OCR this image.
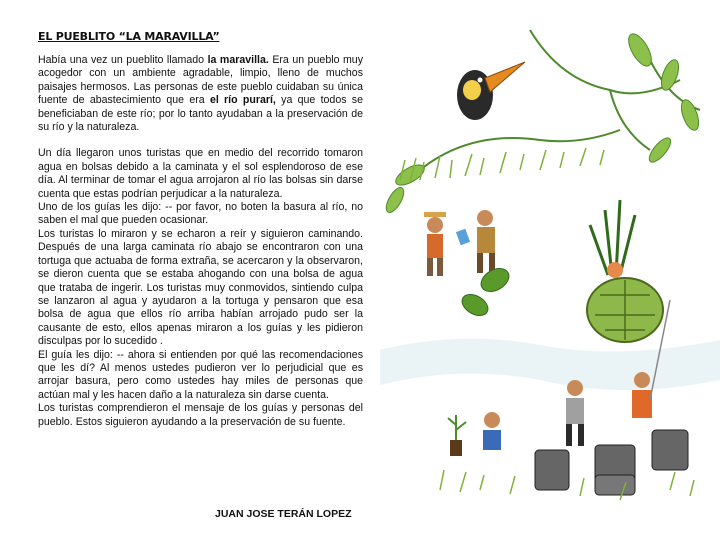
EL PUEBLITO “LA MARAVILLA”

Había una vez un pueblito llamado la maravilla. Era un pueblo muy acogedor con un ambiente agradable, limpio, lleno de muchos paisajes hermosos. Las personas de este pueblo cuidaban su única fuente de abastecimiento que era el río purarí, ya que todos se beneficiaban de este río; por lo tanto ayudaban a la preservación de su río y la naturaleza.

Un día llegaron unos turistas que en medio del recorrido tomaron agua en bolsas debido a la caminata y el sol esplendoroso de ese día. Al terminar de tomar el agua arrojaron al río las bolsas sin darse cuenta que estas podrían perjudicar a la naturaleza.

Uno de los guías les dijo: -- por favor, no boten la basura al río, no saben el mal que pueden ocasionar.

Los turistas lo miraron y se echaron a reír y siguieron caminando. Después de una larga caminata río abajo se encontraron con una tortuga que actuaba de forma extraña, se acercaron y la observaron, se dieron cuenta que se estaba ahogando con una bolsa de agua que trataba de ingerir. Los turistas muy conmovidos, sintiendo culpa se lanzaron al agua y ayudaron a la tortuga y pensaron que esa bolsa de agua que ellos río arriba habían arrojado pudo ser la causante de esto, ellos apenas miraron a los guías y les pidieron disculpas por lo sucedido .

El guía les dijo: -- ahora si entienden por qué las recomendaciones que les dí? Al menos ustedes pudieron ver lo perjudicial que es arrojar basura, pero como ustedes hay miles de personas que actúan mal y les hacen daño a la naturaleza sin darse cuenta.

Los turistas comprendieron el mensaje de los guías y personas del pueblo. Estos siguieron ayudando a la preservación de su fuente.

JUAN JOSE TERÁN LOPEZ
